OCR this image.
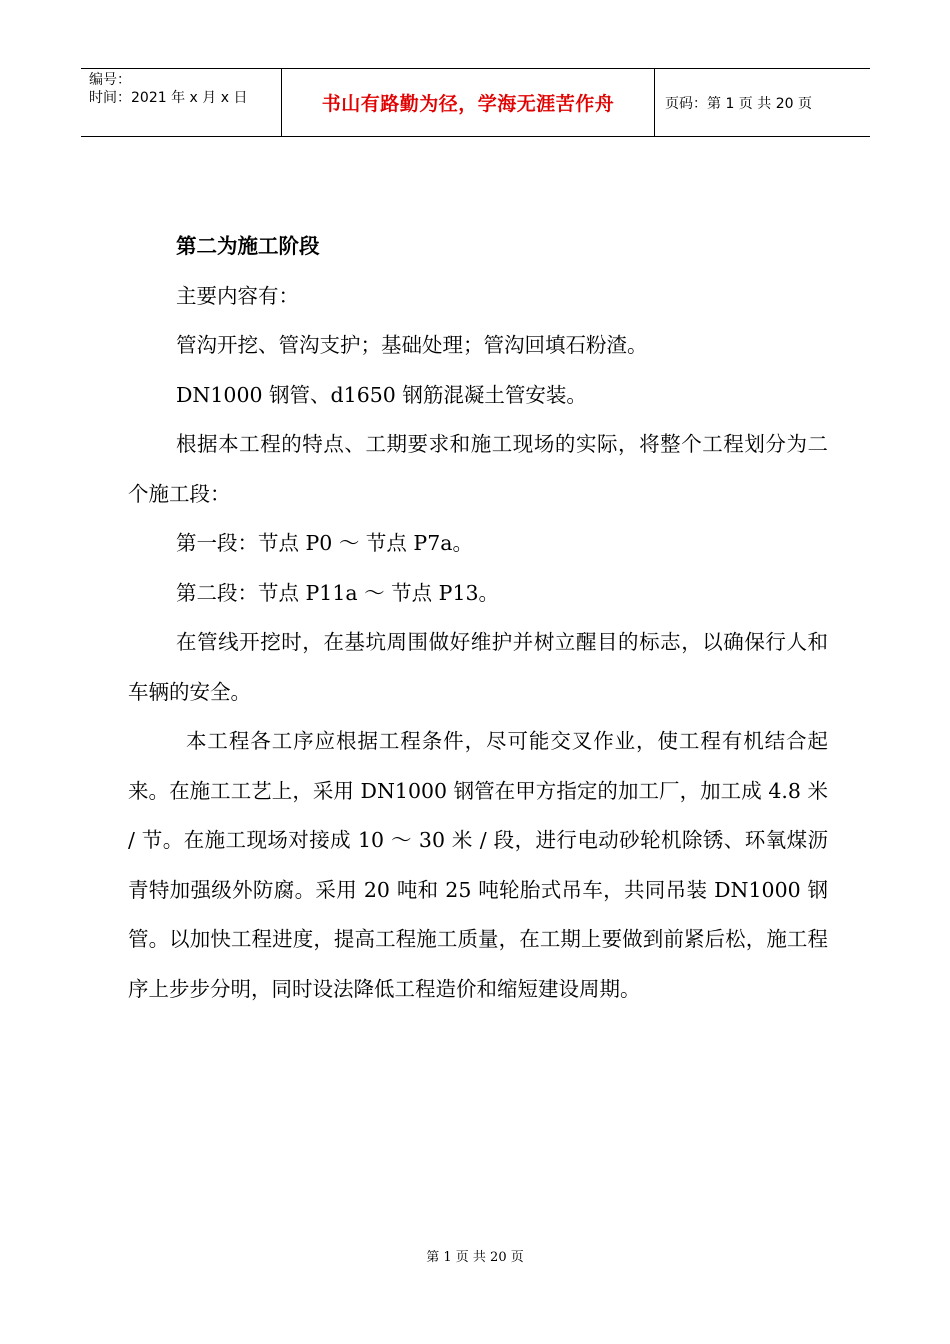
编号：
时间：2021 年 x 月 x 日	书山有路勤为径，学海无涯苦作舟	页码：第 1 页 共 20 页

第二为施工阶段

主要内容有：

管沟开挖、管沟支护；基础处理；管沟回填石粉渣。

DN1000 钢管、d1650 钢筋混凝土管安装。

根据本工程的特点、工期要求和施工现场的实际，将整个工程划分为二个施工段：

第一段：节点 P0 ～ 节点 P7a。

第二段：节点 P11a ～ 节点 P13。

在管线开挖时，在基坑周围做好维护并树立醒目的标志，以确保行人和车辆的安全。

本工程各工序应根据工程条件，尽可能交叉作业，使工程有机结合起来。在施工工艺上，采用 DN1000 钢管在甲方指定的加工厂，加工成 4.8 米 / 节。在施工现场对接成 10 ～ 30 米 / 段，进行电动砂轮机除锈、环氧煤沥青特加强级外防腐。采用 20 吨和 25 吨轮胎式吊车，共同吊装 DN1000 钢管。以加快工程进度，提高工程施工质量，在工期上要做到前紧后松，施工程序上步步分明，同时设法降低工程造价和缩短建设周期。

第 1 页 共 20 页
